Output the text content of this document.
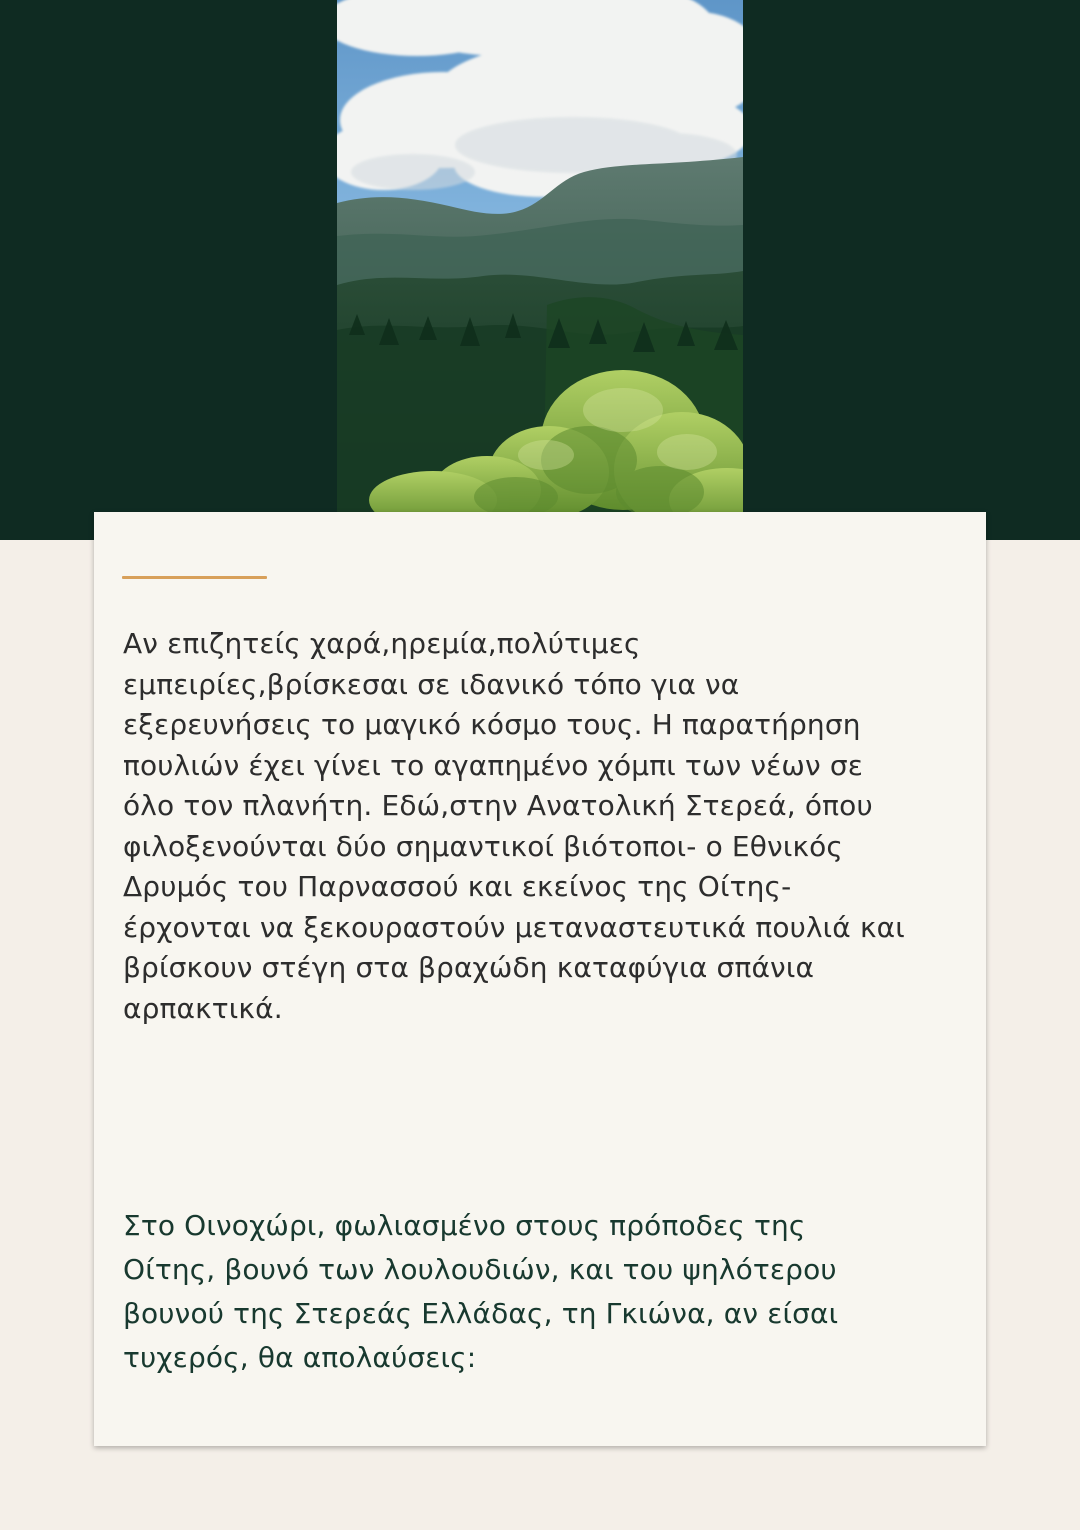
Αν επιζητείς χαρά,ηρεμία,πολύτιμες
εμπειρίες,βρίσκεσαι σε ιδανικό τόπο για να
εξερευνήσεις το μαγικό κόσμο τους. Η παρατήρηση
πουλιών έχει γίνει το αγαπημένο χόμπι των νέων σε
όλο τον πλανήτη. Εδώ,στην Ανατολική Στερεά, όπου
φιλοξενούνται δύο σημαντικοί βιότοποι- ο Εθνικός
Δρυμός του Παρνασσού και εκείνος της Οίτης-
έρχονται να ξεκουραστούν μεταναστευτικά πουλιά και
βρίσκουν στέγη στα βραχώδη καταφύγια σπάνια
αρπακτικά.

Στο Οινοχώρι, φωλιασμένο στους πρόποδες της
Οίτης, βουνό των λουλουδιών, και του ψηλότερου
βουνού της Στερεάς Ελλάδας, τη Γκιώνα, αν είσαι
τυχερός, θα απολαύσεις:
